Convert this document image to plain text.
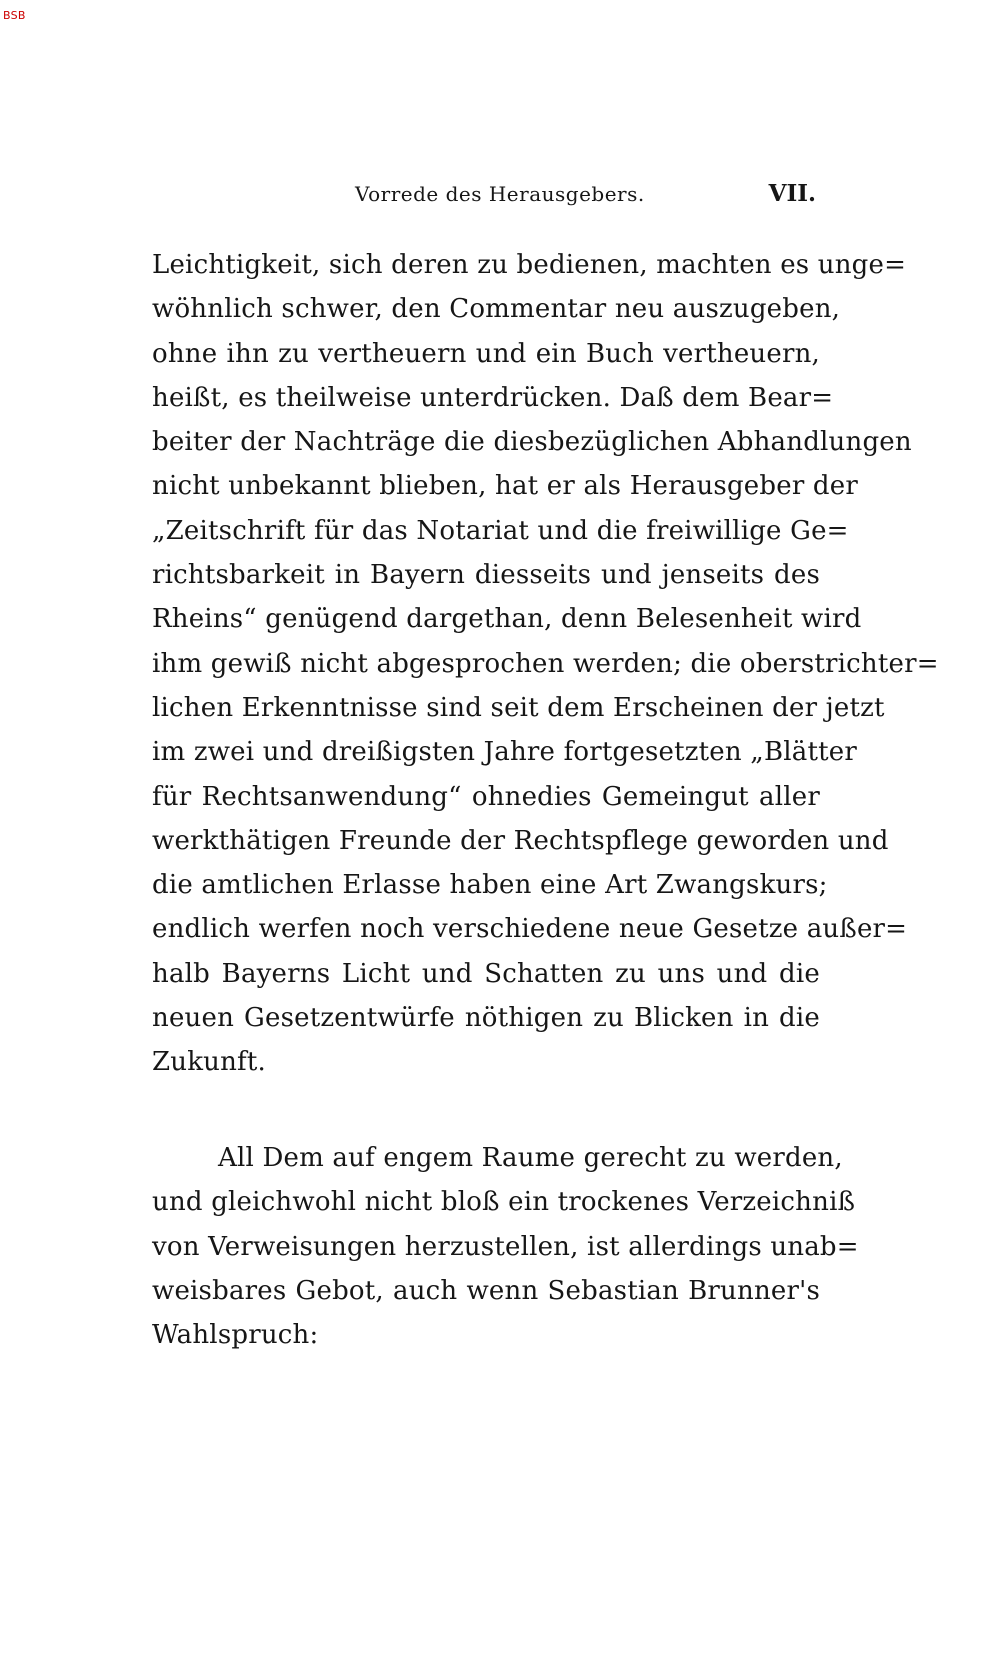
BSB
Vorrede des Herausgebers.	VII.
Leichtigkeit, sich deren zu bedienen, machten es unge=
wöhnlich schwer, den Commentar neu auszugeben,
ohne ihn zu vertheuern und ein Buch vertheuern,
heißt, es theilweise unterdrücken. Daß dem Bear=
beiter der Nachträge die diesbezüglichen Abhandlungen
nicht unbekannt blieben, hat er als Herausgeber der
„Zeitschrift für das Notariat und die freiwillige Ge=
richtsbarkeit in Bayern diesseits und jenseits des
Rheins“ genügend dargethan, denn Belesenheit wird
ihm gewiß nicht abgesprochen werden; die oberstrichter=
lichen Erkenntnisse sind seit dem Erscheinen der jetzt
im zwei und dreißigsten Jahre fortgesetzten „Blätter
für Rechtsanwendung“ ohnedies Gemeingut aller
werkthätigen Freunde der Rechtspflege geworden und
die amtlichen Erlasse haben eine Art Zwangskurs;
endlich werfen noch verschiedene neue Gesetze außer=
halb Bayerns Licht und Schatten zu uns und die
neuen Gesetzentwürfe nöthigen zu Blicken in die
Zukunft.
All Dem auf engem Raume gerecht zu werden,
und gleichwohl nicht bloß ein trockenes Verzeichniß
von Verweisungen herzustellen, ist allerdings unab=
weisbares Gebot, auch wenn Sebastian Brunner's
Wahlspruch:
